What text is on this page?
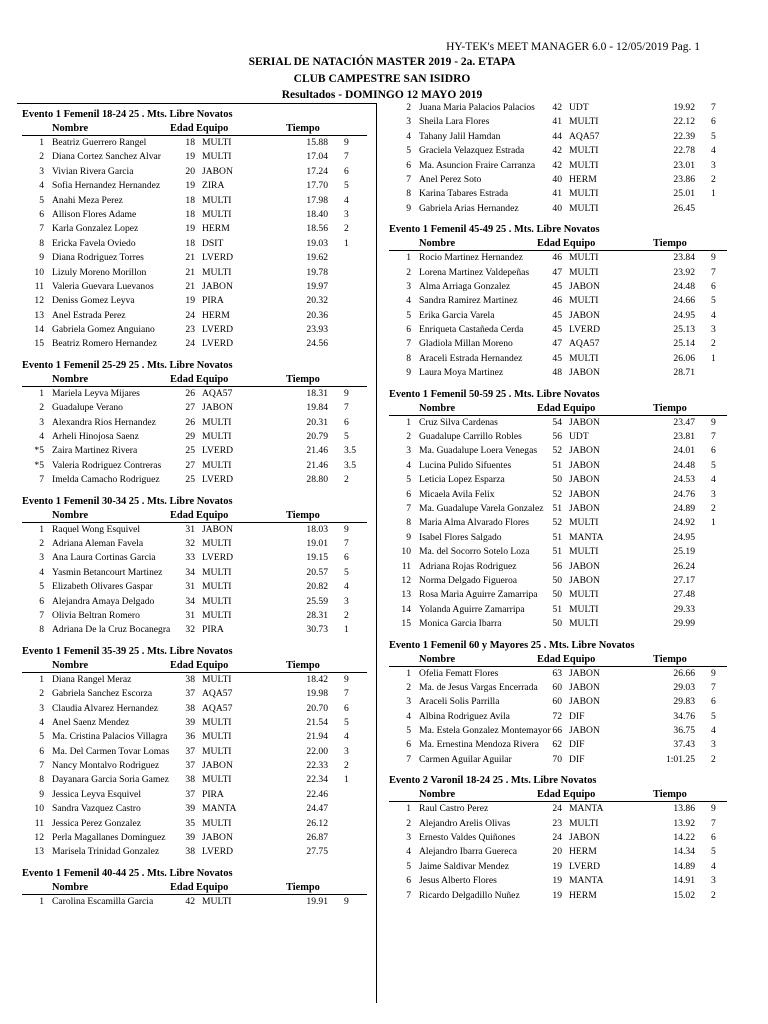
HY-TEK's MEET MANAGER 6.0 - 12/05/2019 Pag. 1
SERIAL DE NATACIÓN MASTER 2019 - 2a. ETAPA
CLUB CAMPESTRE SAN ISIDRO
Resultados - DOMINGO 12 MAYO 2019
Evento 1 Femenil 18-24 25 . Mts. Libre Novatos
Nombre	Edad Equipo	Tiempo
1 Beatriz Guerrero Rangel	18 MULTI	15.88 9
2 Diana Cortez Sanchez Alvar	19 MULTI	17.04 7
3 Vivian Rivera Garcia	20 JABON	17.24 6
4 Sofia Hernandez Hernandez	19 ZIRA	17.70 5
5 Anahi Meza Perez	18 MULTI	17.98 4
6 Allison Flores Adame	18 MULTI	18.40 3
7 Karla Gonzalez Lopez	19 HERM	18.56 2
8 Ericka Favela Oviedo	18 DSIT	19.03 1
9 Diana Rodriguez Torres	21 LVERD	19.62
10 Lizuly Moreno Morillon	21 MULTI	19.78
11 Valeria Guevara Luevanos	21 JABON	19.97
12 Deniss Gomez Leyva	19 PIRA	20.32
13 Anel Estrada Perez	24 HERM	20.36
14 Gabriela Gomez Anguiano	23 LVERD	23.93
15 Beatriz Romero Hernandez	24 LVERD	24.56
Evento 1 Femenil 25-29 25 . Mts. Libre Novatos
Nombre	Edad Equipo	Tiempo
1 Mariela Leyva Mijares	26 AQA57	18.31 9
2 Guadalupe Verano	27 JABON	19.84 7
3 Alexandra Rios Hernandez	26 MULTI	20.31 6
4 Arheli Hinojosa Saenz	29 MULTI	20.79 5
*5 Zaira Martinez Rivera	25 LVERD	21.46 3.5
*5 Valeria Rodriguez Contreras	27 MULTI	21.46 3.5
7 Imelda Camacho Rodriguez	25 LVERD	28.80 2
Evento 1 Femenil 30-34 25 . Mts. Libre Novatos
Nombre	Edad Equipo	Tiempo
1 Raquel Wong Esquivel	31 JABON	18.03 9
2 Adriana Aleman Favela	32 MULTI	19.01 7
3 Ana Laura Cortinas Garcia	33 LVERD	19.15 6
4 Yasmin Betancourt Martinez	34 MULTI	20.57 5
5 Elizabeth Olivares Gaspar	31 MULTI	20.82 4
6 Alejandra Amaya Delgado	34 MULTI	25.59 3
7 Olivia Beltran Romero	31 MULTI	28.31 2
8 Adriana De la Cruz Bocanegra	32 PIRA	30.73 1
Evento 1 Femenil 35-39 25 . Mts. Libre Novatos
Nombre	Edad Equipo	Tiempo
1 Diana Rangel Meraz	38 MULTI	18.42 9
2 Gabriela Sanchez Escorza	37 AQA57	19.98 7
3 Claudia Alvarez Hernandez	38 AQA57	20.70 6
4 Anel Saenz Mendez	39 MULTI	21.54 5
5 Ma. Cristina Palacios Villagra	36 MULTI	21.94 4
6 Ma. Del Carmen Tovar Lomas	37 MULTI	22.00 3
7 Nancy Montalvo Rodriguez	37 JABON	22.33 2
8 Dayanara Garcia Soria Gamez	38 MULTI	22.34 1
9 Jessica Leyva Esquivel	37 PIRA	22.46
10 Sandra Vazquez Castro	39 MANTA	24.47
11 Jessica Perez Gonzalez	35 MULTI	26.12
12 Perla Magallanes Dominguez	39 JABON	26.87
13 Marisela Trinidad Gonzalez	38 LVERD	27.75
Evento 1 Femenil 40-44 25 . Mts. Libre Novatos
Nombre	Edad Equipo	Tiempo
1 Carolina Escamilla Garcia	42 MULTI	19.91 9
2 Juana Maria Palacios Palacios	42 UDT	19.92 7
3 Sheila Lara Flores	41 MULTI	22.12 6
4 Tahany Jalil Hamdan	44 AQA57	22.39 5
5 Graciela Velazquez Estrada	42 MULTI	22.78 4
6 Ma. Asuncion Fraire Carranza	42 MULTI	23.01 3
7 Anel Perez Soto	40 HERM	23.86 2
8 Karina Tabares Estrada	41 MULTI	25.01 1
9 Gabriela Arias Hernandez	40 MULTI	26.45
Evento 1 Femenil 45-49 25 . Mts. Libre Novatos
Nombre	Edad Equipo	Tiempo
1 Rocio Martinez Hernandez	46 MULTI	23.84 9
2 Lorena Martinez Valdepeñas	47 MULTI	23.92 7
3 Alma Arriaga Gonzalez	45 JABON	24.48 6
4 Sandra Ramirez Martinez	46 MULTI	24.66 5
5 Erika Garcia Varela	45 JABON	24.95 4
6 Enriqueta Castañeda Cerda	45 LVERD	25.13 3
7 Gladiola Millan Moreno	47 AQA57	25.14 2
8 Araceli Estrada Hernandez	45 MULTI	26.06 1
9 Laura Moya Martinez	48 JABON	28.71
Evento 1 Femenil 50-59 25 . Mts. Libre Novatos
Nombre	Edad Equipo	Tiempo
1 Cruz Silva Cardenas	54 JABON	23.47 9
2 Guadalupe Carrillo Robles	56 UDT	23.81 7
3 Ma. Guadalupe Loera Venegas	52 JABON	24.01 6
4 Lucina Pulido Sifuentes	51 JABON	24.48 5
5 Leticia Lopez Esparza	50 JABON	24.53 4
6 Micaela Avila Felix	52 JABON	24.76 3
7 Ma. Guadalupe Varela Gonzalez 51 JABON	24.89 2
8 Maria Alma Alvarado Flores	52 MULTI	24.92 1
9 Isabel Flores Salgado	51 MANTA	24.95
10 Ma. del Socorro Sotelo Loza	51 MULTI	25.19
11 Adriana Rojas Rodriguez	56 JABON	26.24
12 Norma Delgado Figueroa	50 JABON	27.17
13 Rosa Maria Aguirre Zamarripa	50 MULTI	27.48
14 Yolanda Aguirre Zamarripa	51 MULTI	29.33
15 Monica Garcia Ibarra	50 MULTI	29.99
Evento 1 Femenil 60 y Mayores 25 . Mts. Libre Novatos
Nombre	Edad Equipo	Tiempo
1 Ofelia Fematt Flores	63 JABON	26.66 9
2 Ma. de Jesus Vargas Encerrada	60 JABON	29.03 7
3 Araceli Solis Parrilla	60 JABON	29.83 6
4 Albina Rodriguez Avila	72 DIF	34.76 5
5 Ma. Estela Gonzalez Montemayor 66 JABON	36.75 4
6 Ma. Ernestina Mendoza Rivera	62 DIF	37.43 3
7 Carmen Aguilar Aguilar	70 DIF	1:01.25 2
Evento 2 Varonil 18-24 25 . Mts. Libre Novatos
Nombre	Edad Equipo	Tiempo
1 Raul Castro Perez	24 MANTA	13.86 9
2 Alejandro Arelis Olivas	23 MULTI	13.92 7
3 Ernesto Valdes Quiñones	24 JABON	14.22 6
4 Alejandro Ibarra Guereca	20 HERM	14.34 5
5 Jaime Saldivar Mendez	19 LVERD	14.89 4
6 Jesus Alberto Flores	19 MANTA	14.91 3
7 Ricardo Delgadillo Nuñez	19 HERM	15.02 2
